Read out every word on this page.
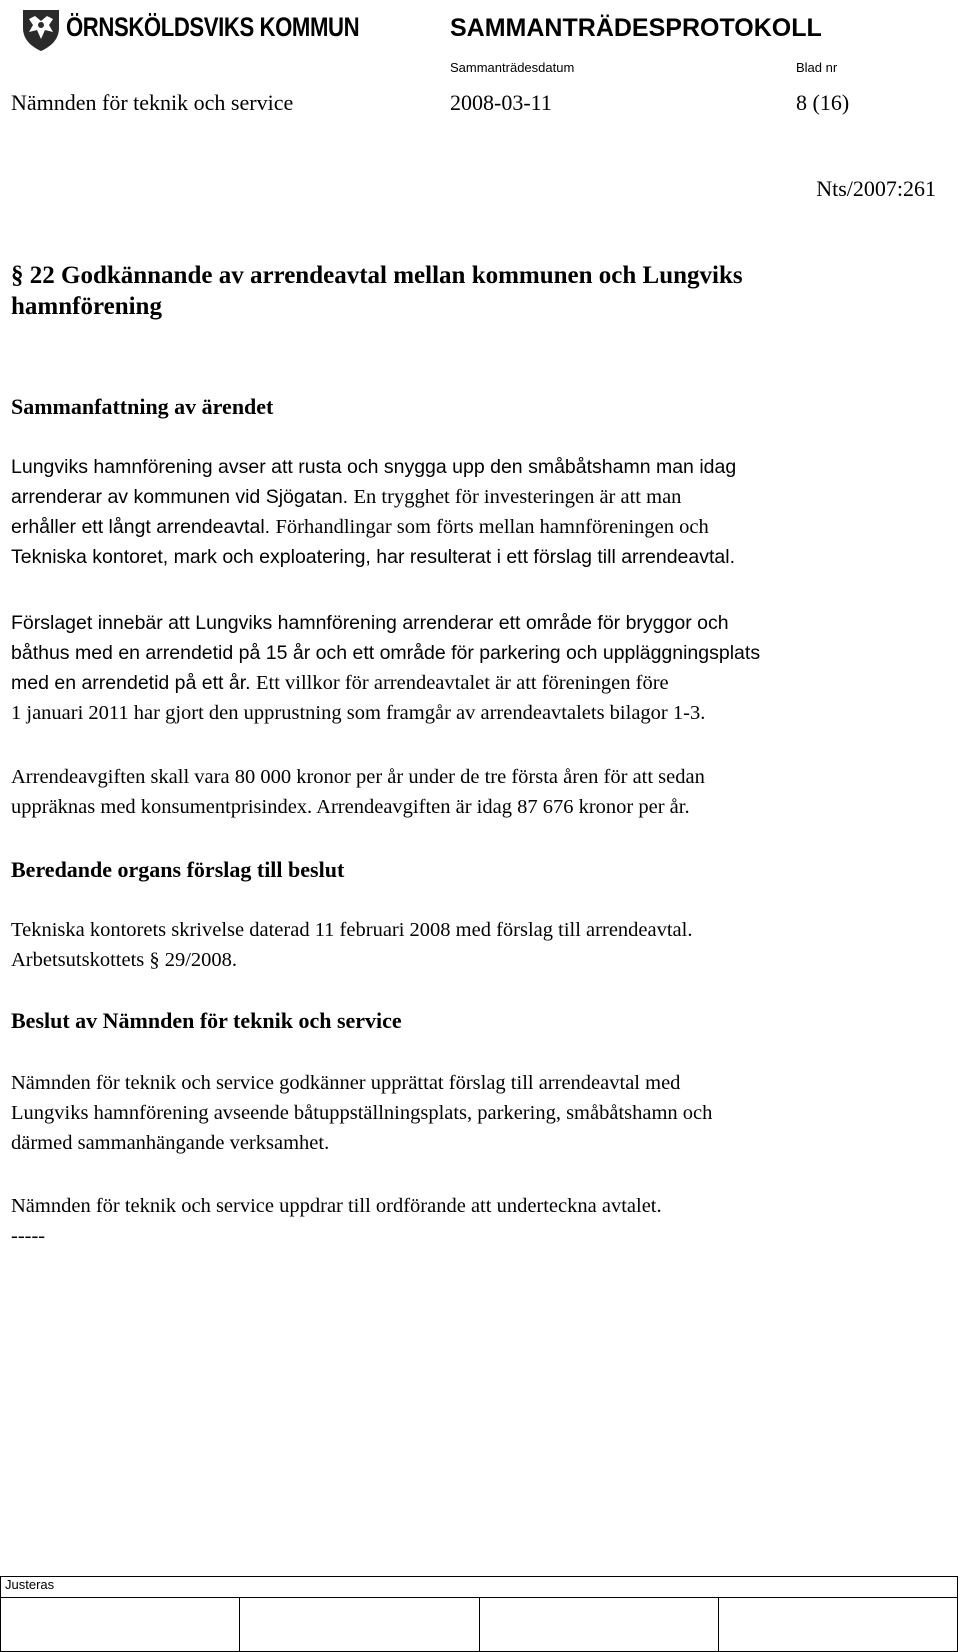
ÖRNSKÖLDSVIKS KOMMUN	SAMMANTRÄDESPROTOKOLL
Sammanträdesdatum	Blad nr
Nämnden för teknik och service	2008-03-11	8 (16)
Nts/2007:261
§ 22 Godkännande av arrendeavtal mellan kommunen och Lungviks
hamnförening
Sammanfattning av ärendet
Lungviks hamnförening avser att rusta och snygga upp den småbåtshamn man idag
arrenderar av kommunen vid Sjögatan. En trygghet för investeringen är att man
erhåller ett långt arrendeavtal. Förhandlingar som förts mellan hamnföreningen och
Tekniska kontoret, mark och exploatering, har resulterat i ett förslag till arrendeavtal.
Förslaget innebär att Lungviks hamnförening arrenderar ett område för bryggor och
båthus med en arrendetid på 15 år och ett område för parkering och uppläggningsplats
med en arrendetid på ett år. Ett villkor för arrendeavtalet är att föreningen före
1 januari 2011 har gjort den upprustning som framgår av arrendeavtalets bilagor 1-3.
Arrendeavgiften skall vara 80 000 kronor per år under de tre första åren för att sedan
uppräknas med konsumentprisindex. Arrendeavgiften är idag 87 676 kronor per år.
Beredande organs förslag till beslut
Tekniska kontorets skrivelse daterad 11 februari 2008 med förslag till arrendeavtal.
Arbetsutskottets § 29/2008.
Beslut av Nämnden för teknik och service
Nämnden för teknik och service godkänner upprättat förslag till arrendeavtal med
Lungviks hamnförening avseende båtuppställningsplats, parkering, småbåtshamn och
därmed sammanhängande verksamhet.
Nämnden för teknik och service uppdrar till ordförande att underteckna avtalet.
-----
Justeras
